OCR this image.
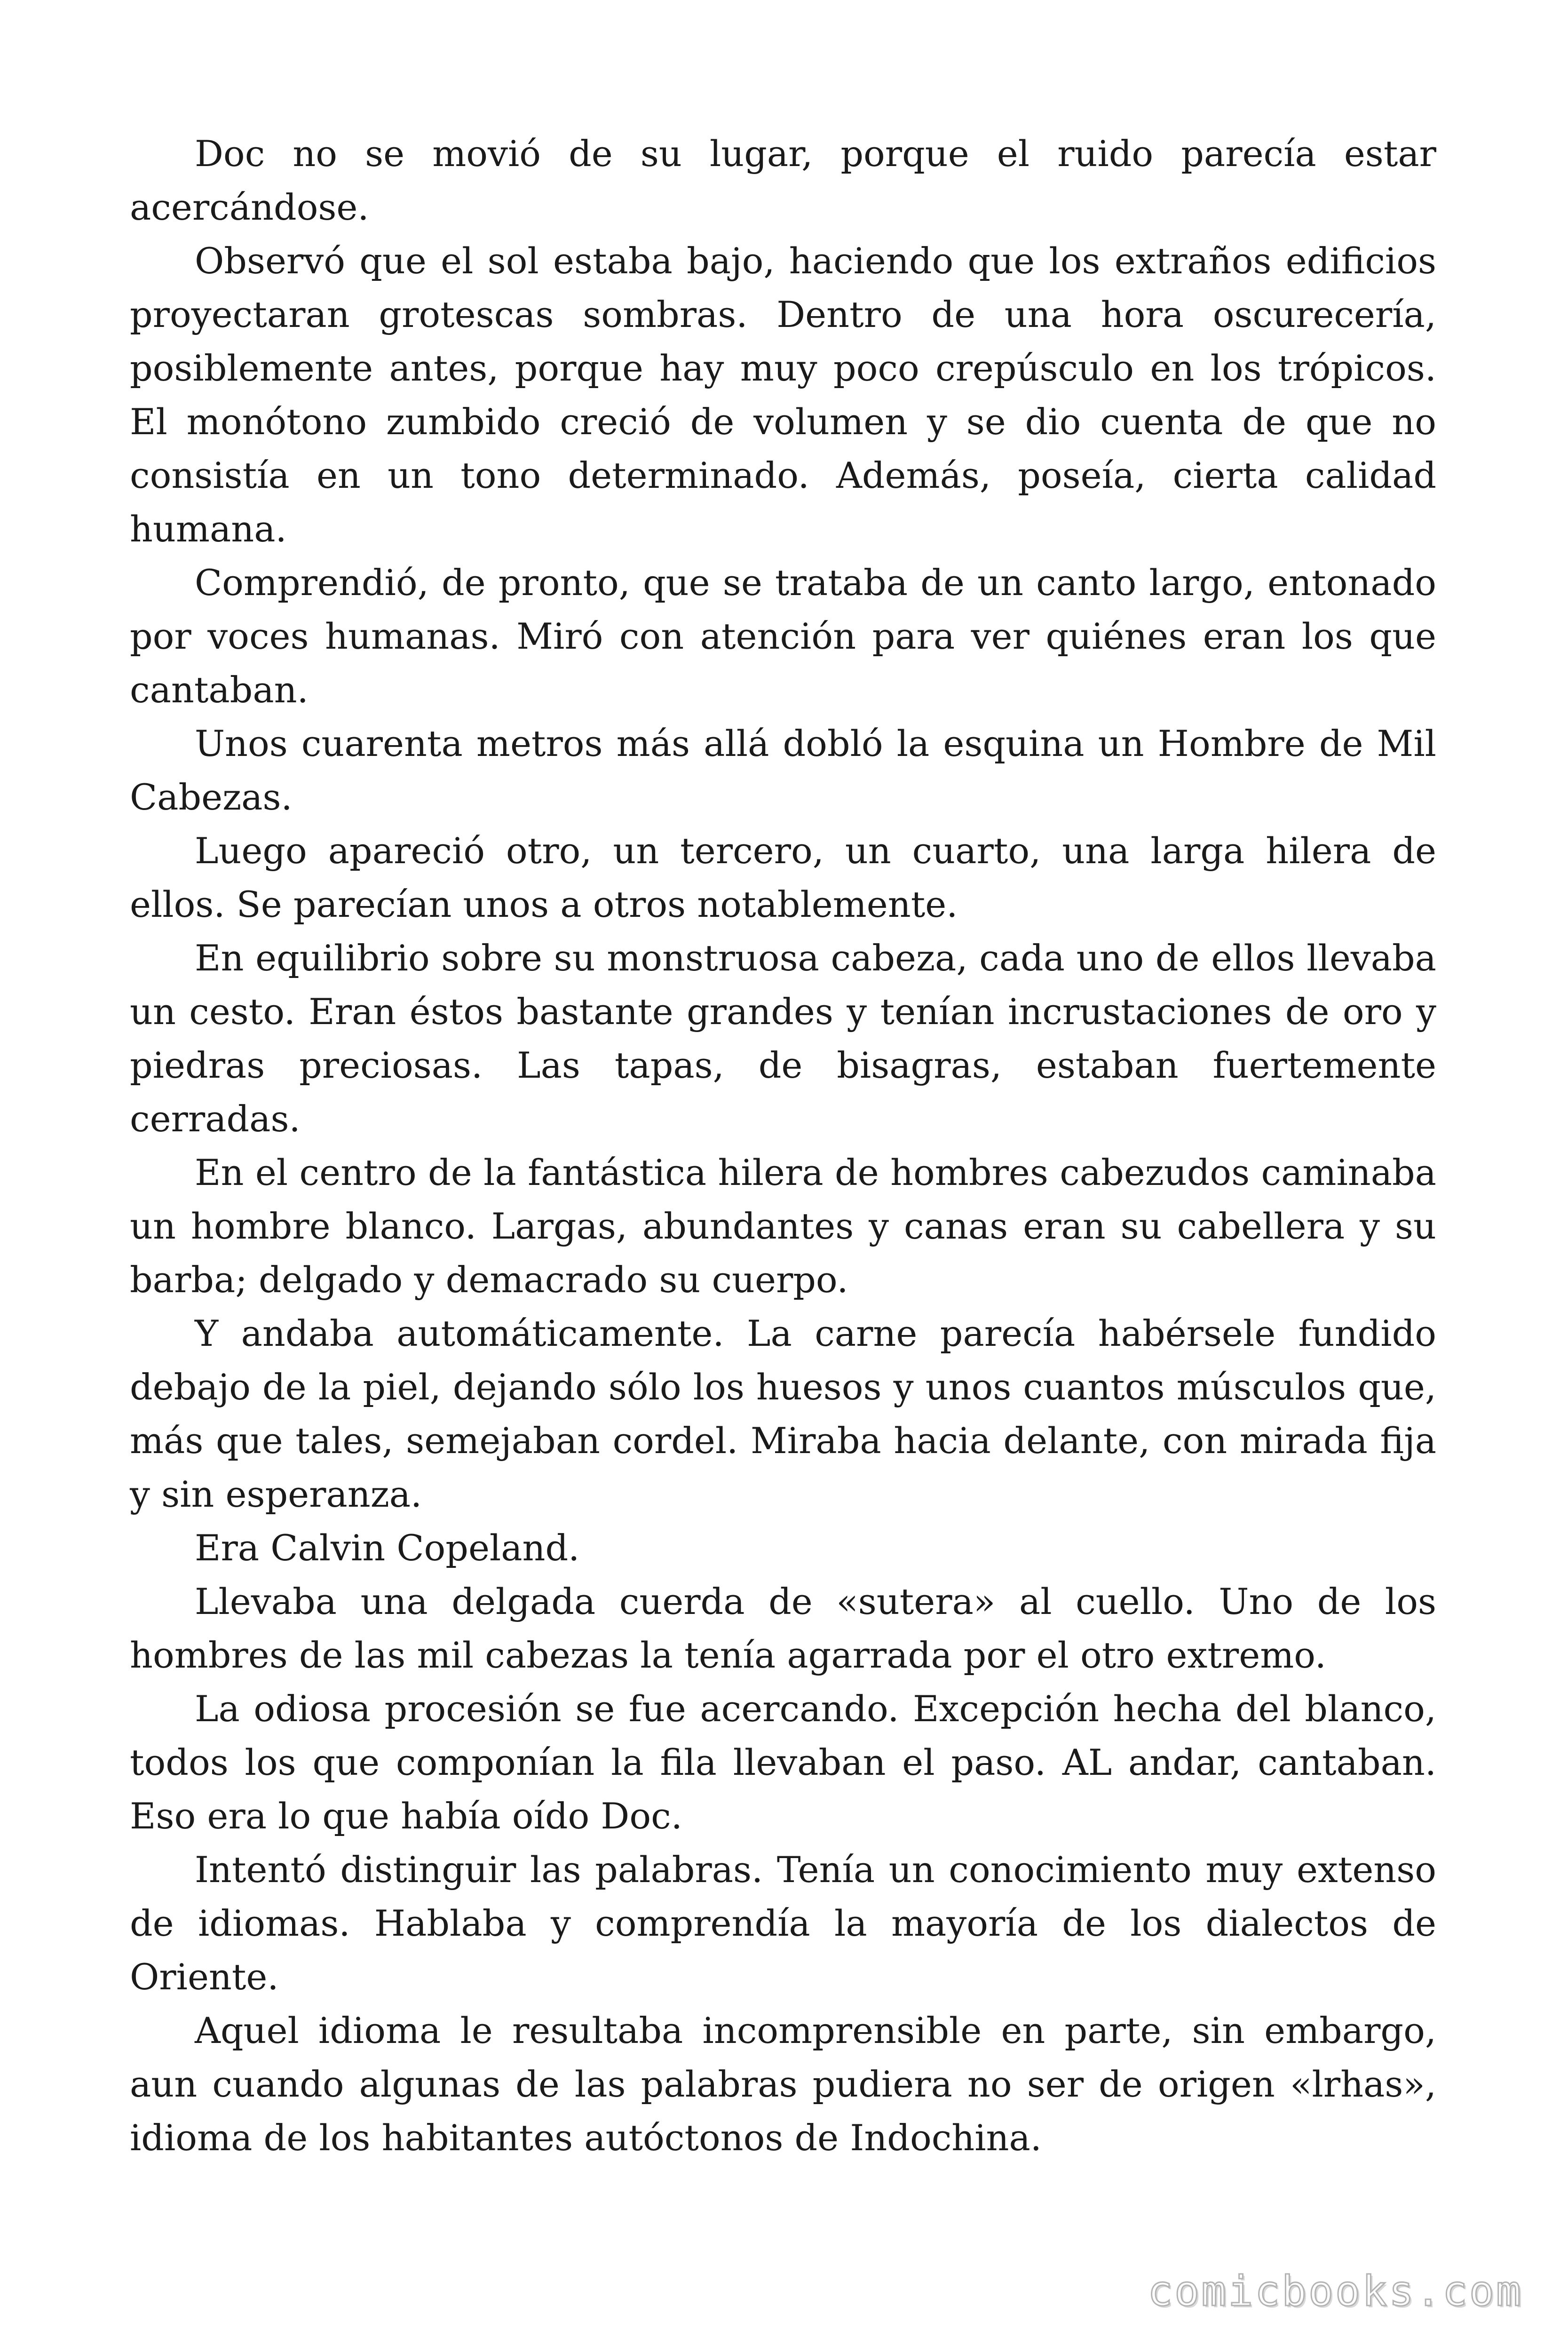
Doc no se movió de su lugar, porque el ruido parecía estar acercándose.

Observó que el sol estaba bajo, haciendo que los extraños edificios proyectaran grotescas sombras. Dentro de una hora oscurecería, posiblemente antes, porque hay muy poco crepúsculo en los trópicos. El monótono zumbido creció de volumen y se dio cuenta de que no consistía en un tono determinado. Además, poseía, cierta calidad humana.

Comprendió, de pronto, que se trataba de un canto largo, entonado por voces humanas. Miró con atención para ver quiénes eran los que cantaban.

Unos cuarenta metros más allá dobló la esquina un Hombre de Mil Cabezas.

Luego apareció otro, un tercero, un cuarto, una larga hilera de ellos. Se parecían unos a otros notablemente.

En equilibrio sobre su monstruosa cabeza, cada uno de ellos llevaba un cesto. Eran éstos bastante grandes y tenían incrustaciones de oro y piedras preciosas. Las tapas, de bisagras, estaban fuertemente cerradas.

En el centro de la fantástica hilera de hombres cabezudos caminaba un hombre blanco. Largas, abundantes y canas eran su cabellera y su barba; delgado y demacrado su cuerpo.

Y andaba automáticamente. La carne parecía habérsele fundido debajo de la piel, dejando sólo los huesos y unos cuantos músculos que, más que tales, semejaban cordel. Miraba hacia delante, con mirada fija y sin esperanza.

Era Calvin Copeland.

Llevaba una delgada cuerda de «sutera» al cuello. Uno de los hombres de las mil cabezas la tenía agarrada por el otro extremo.

La odiosa procesión se fue acercando. Excepción hecha del blanco, todos los que componían la fila llevaban el paso. AL andar, cantaban. Eso era lo que había oído Doc.

Intentó distinguir las palabras. Tenía un conocimiento muy extenso de idiomas. Hablaba y comprendía la mayoría de los dialectos de Oriente.

Aquel idioma le resultaba incomprensible en parte, sin embargo, aun cuando algunas de las palabras pudiera no ser de origen «lrhas», idioma de los habitantes autóctonos de Indochina.

comicbooks.com
